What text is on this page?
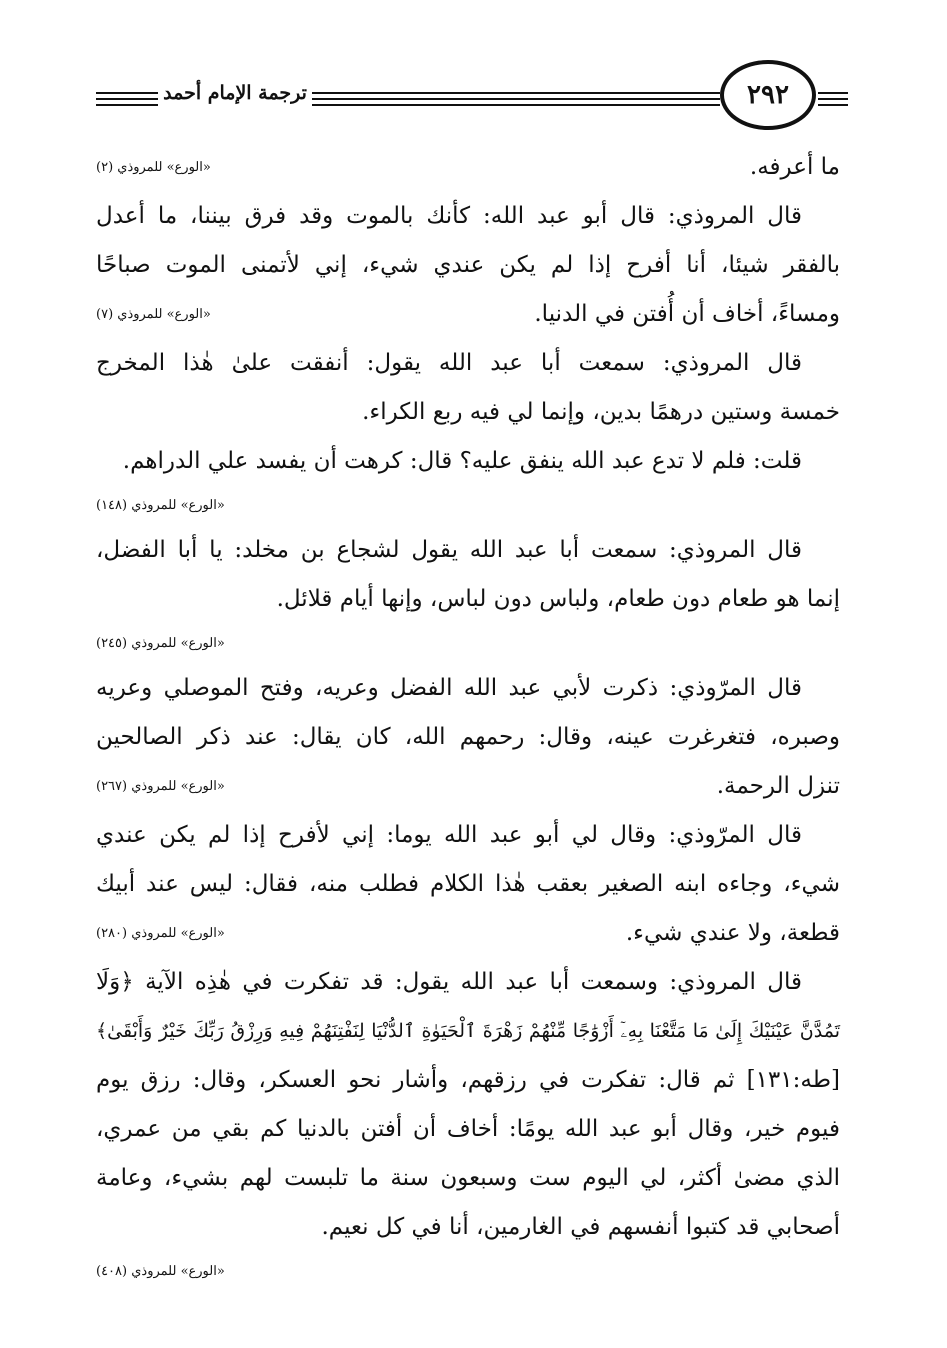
ترجمة الإمام أحمد	٢٩٢
ما أعرفه.
«الورع» للمروذي (٢)
قال المروذي: قال أبو عبد الله: كأنك بالموت وقد فرق بيننا، ما أعدل
بالفقر شيئا، أنا أفرح إذا لم يكن عندي شيء، إني لأتمنى الموت صباحًا
ومساءً، أخاف أن أُفتن في الدنيا.
«الورع» للمروذي (٧)
قال المروذي: سمعت أبا عبد الله يقول: أنفقت علىٰ هٰذا المخرج
خمسة وستين درهمًا بدين، وإنما لي فيه ربع الكراء.
قلت: فلم لا تدع عبد الله ينفق عليه؟ قال: كرهت أن يفسد علي الدراهم.
«الورع» للمروذي (١٤٨)
قال المروذي: سمعت أبا عبد الله يقول لشجاع بن مخلد: يا أبا الفضل،
إنما هو طعام دون طعام، ولباس دون لباس، وإنها أيام قلائل.
«الورع» للمروذي (٢٤٥)
قال المرّوذي: ذكرت لأبي عبد الله الفضل وعريه، وفتح الموصلي وعريه
وصبره، فتغرغرت عينه، وقال: رحمهم الله، كان يقال: عند ذكر الصالحين
تنزل الرحمة.
«الورع» للمروذي (٢٦٧)
قال المرّوذي: وقال لي أبو عبد الله يوما: إني لأفرح إذا لم يكن عندي
شيء، وجاءه ابنه الصغير بعقب هٰذا الكلام فطلب منه، فقال: ليس عند أبيك
قطعة، ولا عندي شيء.
«الورع» للمروذي (٢٨٠)
قال المروذي: وسمعت أبا عبد الله يقول: قد تفكرت في هٰذِه الآية ﴿وَلَا
تَمُدَّنَّ عَيْنَيْكَ إِلَىٰ مَا مَتَّعْنَا بِهِۦٓ أَزْوَٰجًا مِّنْهُمْ زَهْرَةَ ٱلْحَيَوٰةِ ٱلدُّنْيَا لِنَفْتِنَهُمْ فِيهِ وَرِزْقُ رَبِّكَ خَيْرٌ وَأَبْقَىٰ﴾
[طه:١٣١] ثم قال: تفكرت في رزقهم، وأشار نحو العسكر، وقال: رزق يوم
فيوم خير، وقال أبو عبد الله يومًا: أخاف أن أفتن بالدنيا كم بقي من عمري،
الذي مضىٰ أكثر، لي اليوم ست وسبعون سنة ما تلبست لهم بشيء، وعامة
أصحابي قد كتبوا أنفسهم في الغارمين، أنا في كل نعيم.
«الورع» للمروذي (٤٠٨)
